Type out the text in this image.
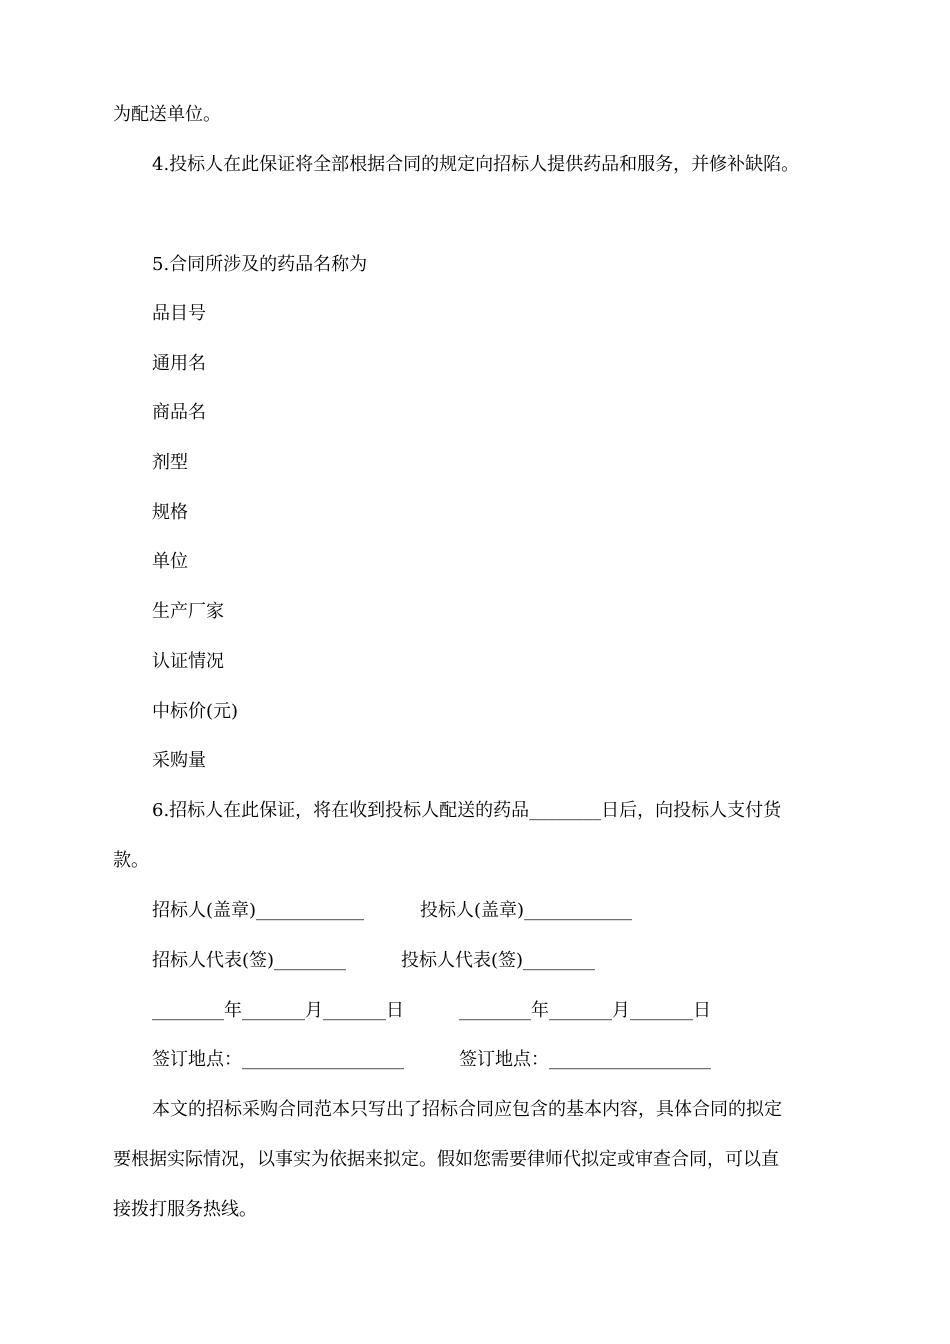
为配送单位。
4.投标人在此保证将全部根据合同的规定向招标人提供药品和服务，并修补缺陷。
5.合同所涉及的药品名称为
品目号
通用名
商品名
剂型
规格
单位
生产厂家
认证情况
中标价(元)
采购量
6.招标人在此保证，将在收到投标人配送的药品________日后，向投标人支付货
款。
招标人(盖章)____________	投标人(盖章)____________
招标人代表(签)________	投标人代表(签)________
________年_______月_______日	________年_______月_______日
签订地点：__________________	签订地点：__________________
本文的招标采购合同范本只写出了招标合同应包含的基本内容，具体合同的拟定
要根据实际情况，以事实为依据来拟定。假如您需要律师代拟定或审查合同，可以直
接拨打服务热线。
